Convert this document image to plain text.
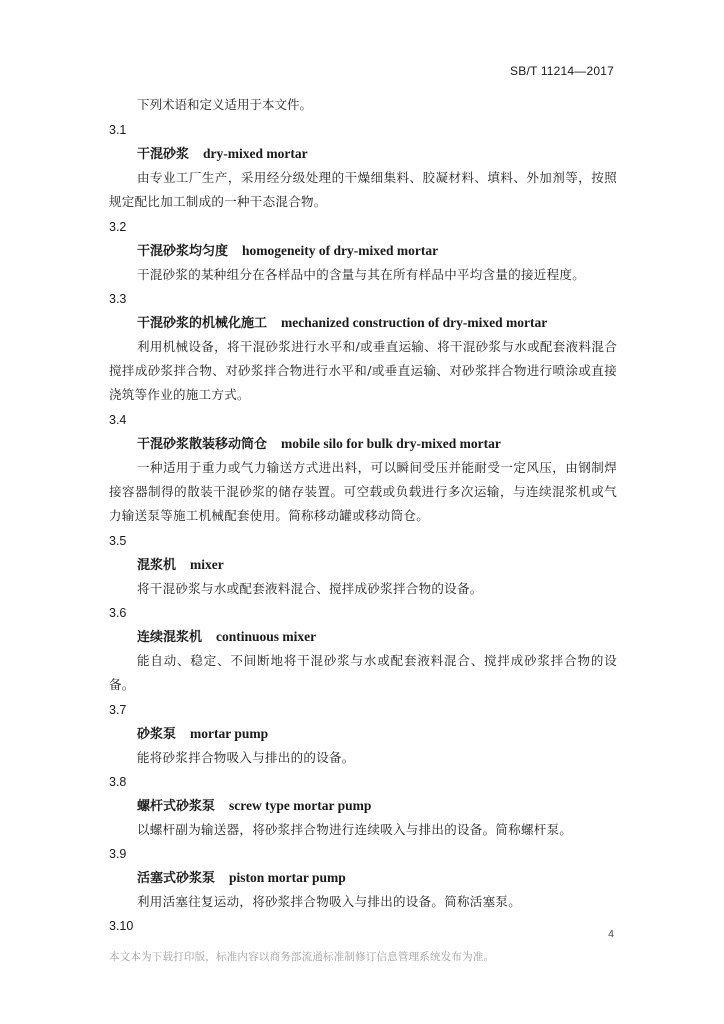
SB/T 11214—2017
下列术语和定义适用于本文件。
3.1
干混砂浆 dry-mixed mortar
由专业工厂生产，采用经分级处理的干燥细集料、胶凝材料、填料、外加剂等，按照规定配比加工制成的一种干态混合物。
3.2
干混砂浆均匀度 homogeneity of dry-mixed mortar
干混砂浆的某种组分在各样品中的含量与其在所有样品中平均含量的接近程度。
3.3
干混砂浆的机械化施工 mechanized construction of dry-mixed mortar
利用机械设备，将干混砂浆进行水平和/或垂直运输、将干混砂浆与水或配套液料混合搅拌成砂浆拌合物、对砂浆拌合物进行水平和/或垂直运输、对砂浆拌合物进行喷涂或直接浇筑等作业的施工方式。
3.4
干混砂浆散装移动筒仓 mobile silo for bulk dry-mixed mortar
一种适用于重力或气力输送方式进出料，可以瞬间受压并能耐受一定风压，由钢制焊接容器制得的散装干混砂浆的储存装置。可空载或负载进行多次运输，与连续混浆机或气力输送泵等施工机械配套使用。简称移动罐或移动筒仓。
3.5
混浆机 mixer
将干混砂浆与水或配套液料混合、搅拌成砂浆拌合物的设备。
3.6
连续混浆机 continuous mixer
能自动、稳定、不间断地将干混砂浆与水或配套液料混合、搅拌成砂浆拌合物的设备。
3.7
砂浆泵 mortar pump
能将砂浆拌合物吸入与排出的的设备。
3.8
螺杆式砂浆泵 screw type mortar pump
以螺杆副为输送器，将砂浆拌合物进行连续吸入与排出的设备。简称螺杆泵。
3.9
活塞式砂浆泵 piston mortar pump
利用活塞往复运动，将砂浆拌合物吸入与排出的设备。简称活塞泵。
3.10
4
本文本为下载打印版，标准内容以商务部流通标准制修订信息管理系统发布为准。
